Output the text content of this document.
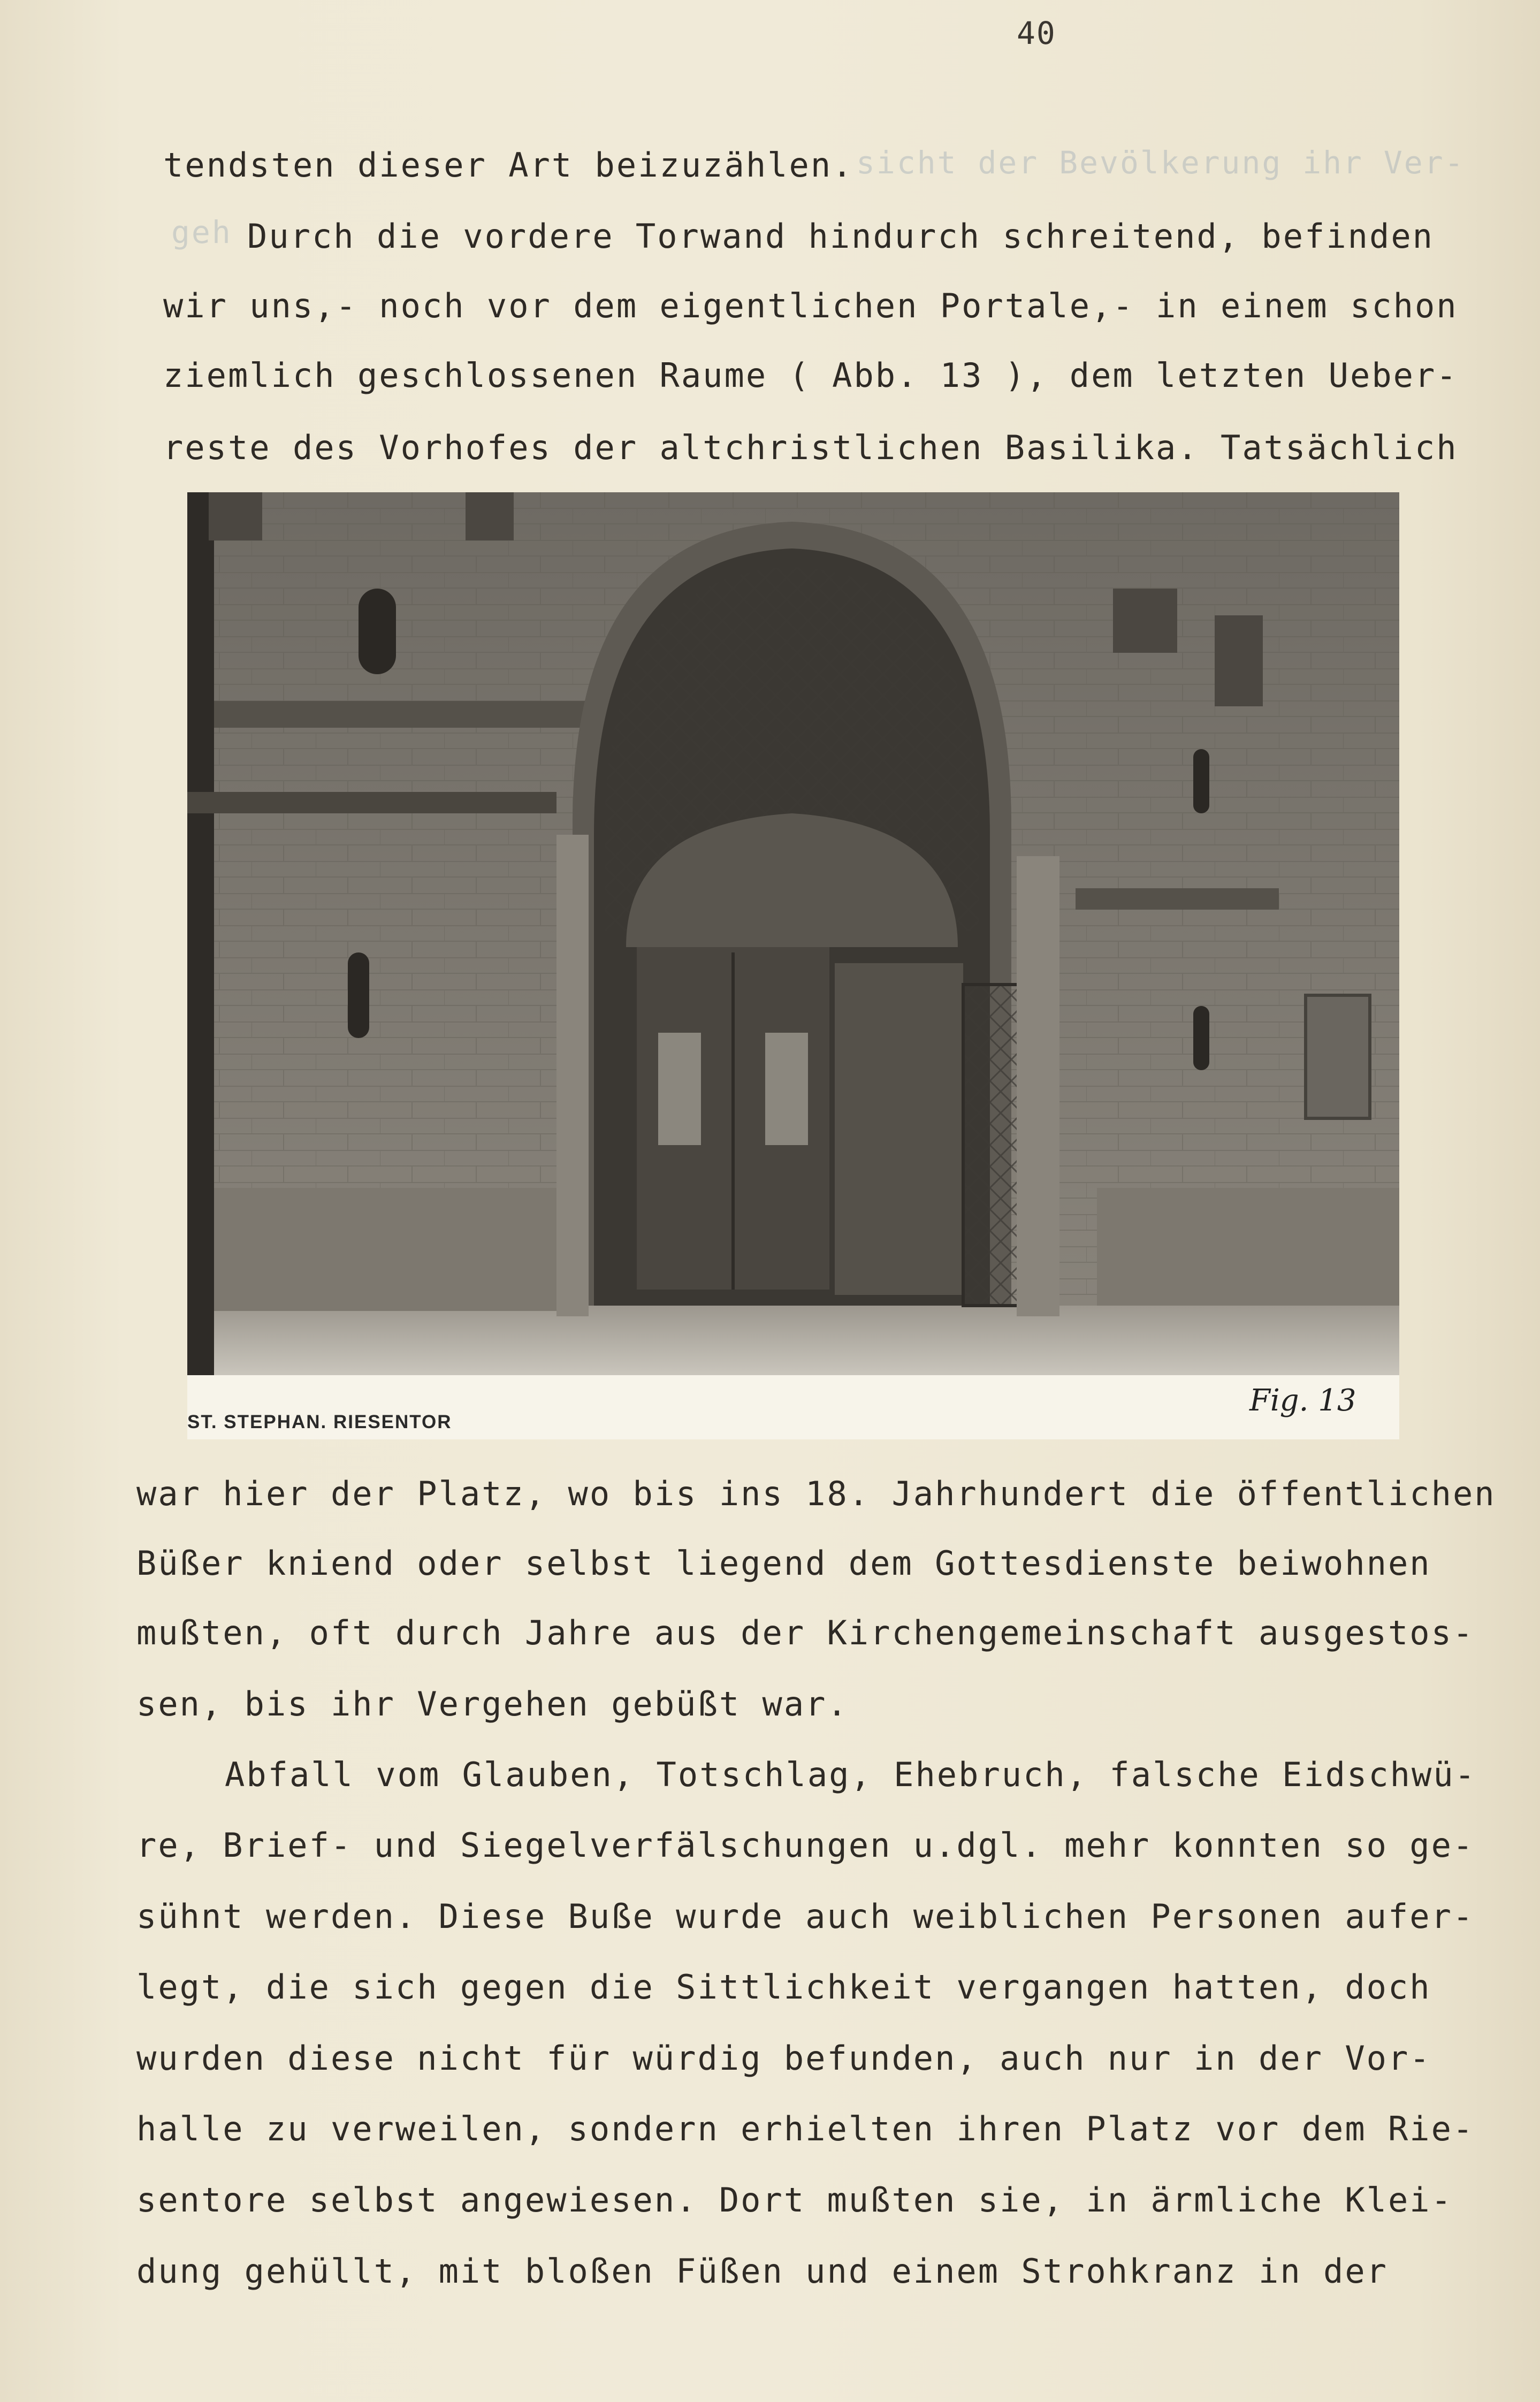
sicht der Bevölkerung ihr Ver-
geh
40
tendsten dieser Art beizuzählen.
Durch die vordere Torwand hindurch schreitend, befinden
wir uns,- noch vor dem eigentlichen Portale,- in einem schon
ziemlich geschlossenen Raume ( Abb. 13 ), dem letzten Ueber-
reste des Vorhofes der altchristlichen Basilika. Tatsächlich
ST. STEPHAN. RIESENTOR
Fig. 13
war hier der Platz, wo bis ins 18. Jahrhundert die öffentlichen
Büßer kniend oder selbst liegend dem Gottesdienste beiwohnen
mußten, oft durch Jahre aus der Kirchengemeinschaft ausgestos-
sen, bis ihr Vergehen gebüßt war.
Abfall vom Glauben, Totschlag, Ehebruch, falsche Eidschwü-
re, Brief- und Siegelverfälschungen u.dgl. mehr konnten so ge-
sühnt werden. Diese Buße wurde auch weiblichen Personen aufer-
legt, die sich gegen die Sittlichkeit vergangen hatten, doch
wurden diese nicht für würdig befunden, auch nur in der Vor-
halle zu verweilen, sondern erhielten ihren Platz vor dem Rie-
sentore selbst angewiesen. Dort mußten sie, in ärmliche Klei-
dung gehüllt, mit bloßen Füßen und einem Strohkranz in der
